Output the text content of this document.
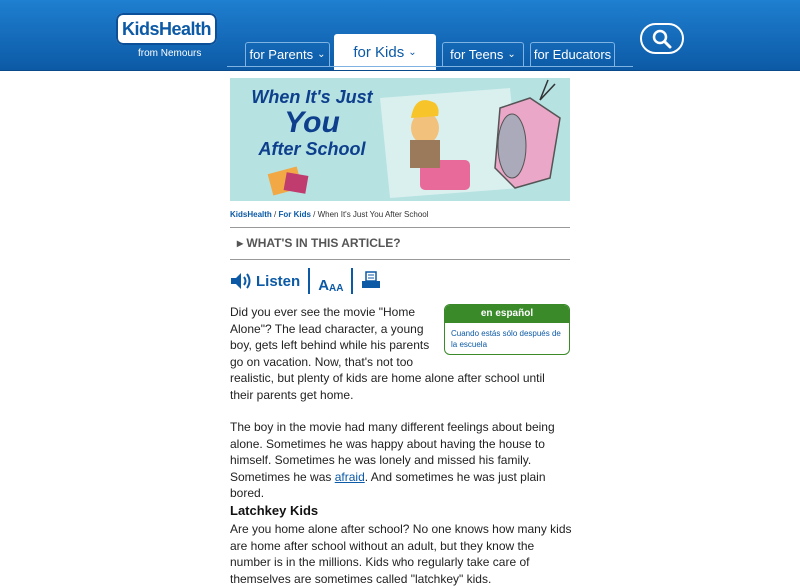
KidsHealth
from Nemours	for Parents ⌄ for Kids ⌄	for Teens ⌄ for Educators
When It's Just
You
After School
KidsHealth / For Kids / When It's Just You After School
▸ WHAT'S IN THIS ARTICLE?
Listen A AA
en español
Cuando estás sólo después de la escuela
Did you ever see the movie "Home Alone"? The lead character, a young boy, gets left behind while his parents go on vacation. Now, that's not too realistic, but plenty of kids are home alone after school until their parents get home.
The boy in the movie had many different feelings about being alone. Sometimes he was happy about having the house to himself. Sometimes he was lonely and missed his family. Sometimes he was afraid. And sometimes he was just plain bored.
Latchkey Kids
Are you home alone after school? No one knows how many kids are home after school without an adult, but they know the number is in the millions. Kids who regularly take care of themselves are sometimes called "latchkey" kids.
